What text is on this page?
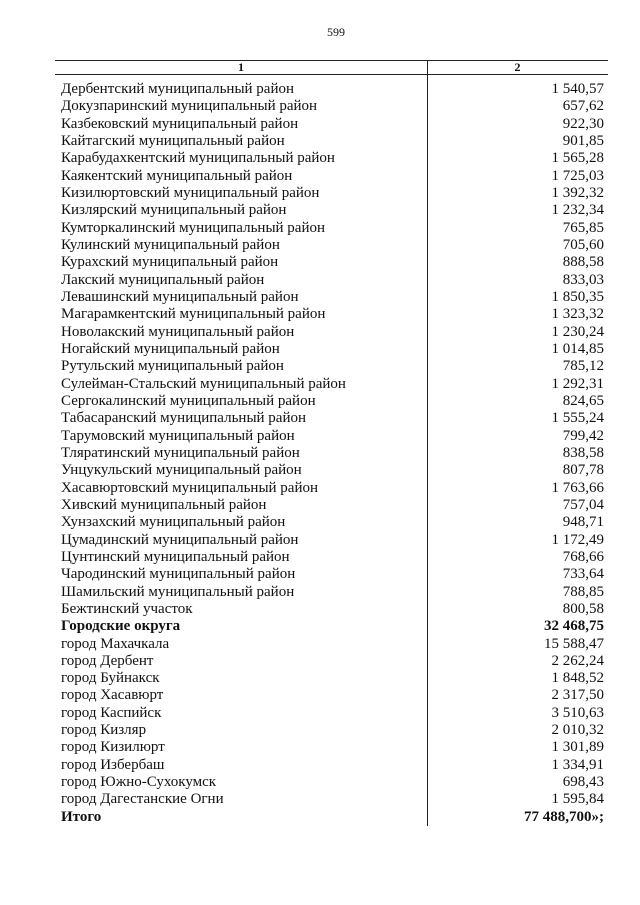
599
1	2
Дербентский муниципальный район	1 540,57
Докузпаринский муниципальный район	657,62
Казбековский муниципальный район	922,30
Кайтагский муниципальный район	901,85
Карабудахкентский муниципальный район	1 565,28
Каякентский муниципальный район	1 725,03
Кизилюртовский муниципальный район	1 392,32
Кизлярский муниципальный район	1 232,34
Кумторкалинский муниципальный район	765,85
Кулинский муниципальный район	705,60
Курахский муниципальный район	888,58
Лакский муниципальный район	833,03
Левашинский муниципальный район	1 850,35
Магарамкентский муниципальный район	1 323,32
Новолакский муниципальный район	1 230,24
Ногайский муниципальный район	1 014,85
Рутульский муниципальный район	785,12
Сулейман-Стальский муниципальный район	1 292,31
Сергокалинский муниципальный район	824,65
Табасаранский муниципальный район	1 555,24
Тарумовский муниципальный район	799,42
Тляратинский муниципальный район	838,58
Унцукульский муниципальный район	807,78
Хасавюртовский муниципальный район	1 763,66
Хивский муниципальный район	757,04
Хунзахский муниципальный район	948,71
Цумадинский муниципальный район	1 172,49
Цунтинский муниципальный район	768,66
Чародинский муниципальный район	733,64
Шамильский муниципальный район	788,85
Бежтинский участок	800,58
Городские округа	32 468,75
город Махачкала	15 588,47
город Дербент	2 262,24
город Буйнакск	1 848,52
город Хасавюрт	2 317,50
город Каспийск	3 510,63
город Кизляр	2 010,32
город Кизилюрт	1 301,89
город Избербаш	1 334,91
город Южно-Сухокумск	698,43
город Дагестанские Огни	1 595,84
Итого	77 488,700»;
